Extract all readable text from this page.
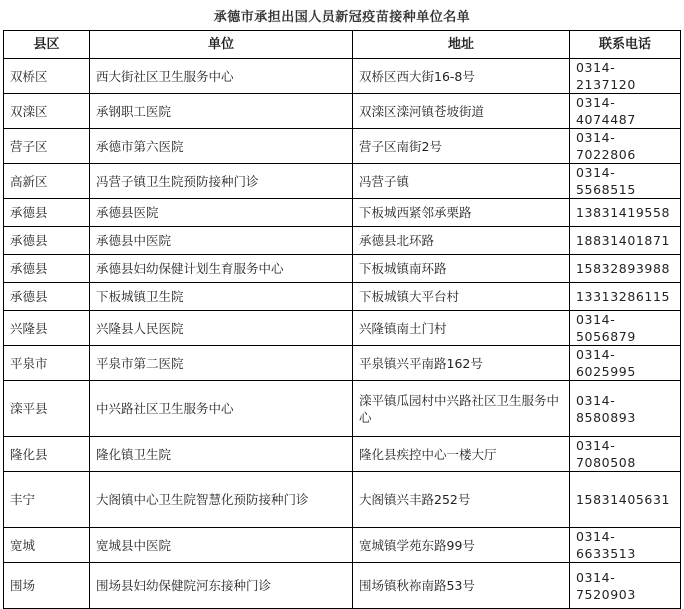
承德市承担出国人员新冠疫苗接种单位名单
县区	单位	地址	联系电话
双桥区	西大街社区卫生服务中心	双桥区西大街16-8号	0314-2137120
双滦区	承钢职工医院	双滦区滦河镇苍坡街道	0314-4074487
营子区	承德市第六医院	营子区南街2号	0314-7022806
高新区	冯营子镇卫生院预防接种门诊	冯营子镇	0314-5568515
承德县	承德县医院	下板城西紧邻承栗路	13831419558
承德县	承德县中医院	承德县北环路	18831401871
承德县	承德县妇幼保健计划生育服务中心	下板城镇南环路	15832893988
承德县	下板城镇卫生院	下板城镇大平台村	13313286115
兴隆县	兴隆县人民医院	兴隆镇南土门村	0314-5056879
平泉市	平泉市第二医院	平泉镇兴平南路162号	0314-6025995
滦平县	中兴路社区卫生服务中心	滦平镇瓜园村中兴路社区卫生服务中心	0314-8580893
隆化县	隆化镇卫生院	隆化县疾控中心一楼大厅	0314-7080508
丰宁	大阁镇中心卫生院智慧化预防接种门诊	大阁镇兴丰路252号	15831405631
宽城	宽城县中医院	宽城镇学苑东路99号	0314-6633513
围场	围场县妇幼保健院河东接种门诊	围场镇秋祢南路53号	0314-7520903
